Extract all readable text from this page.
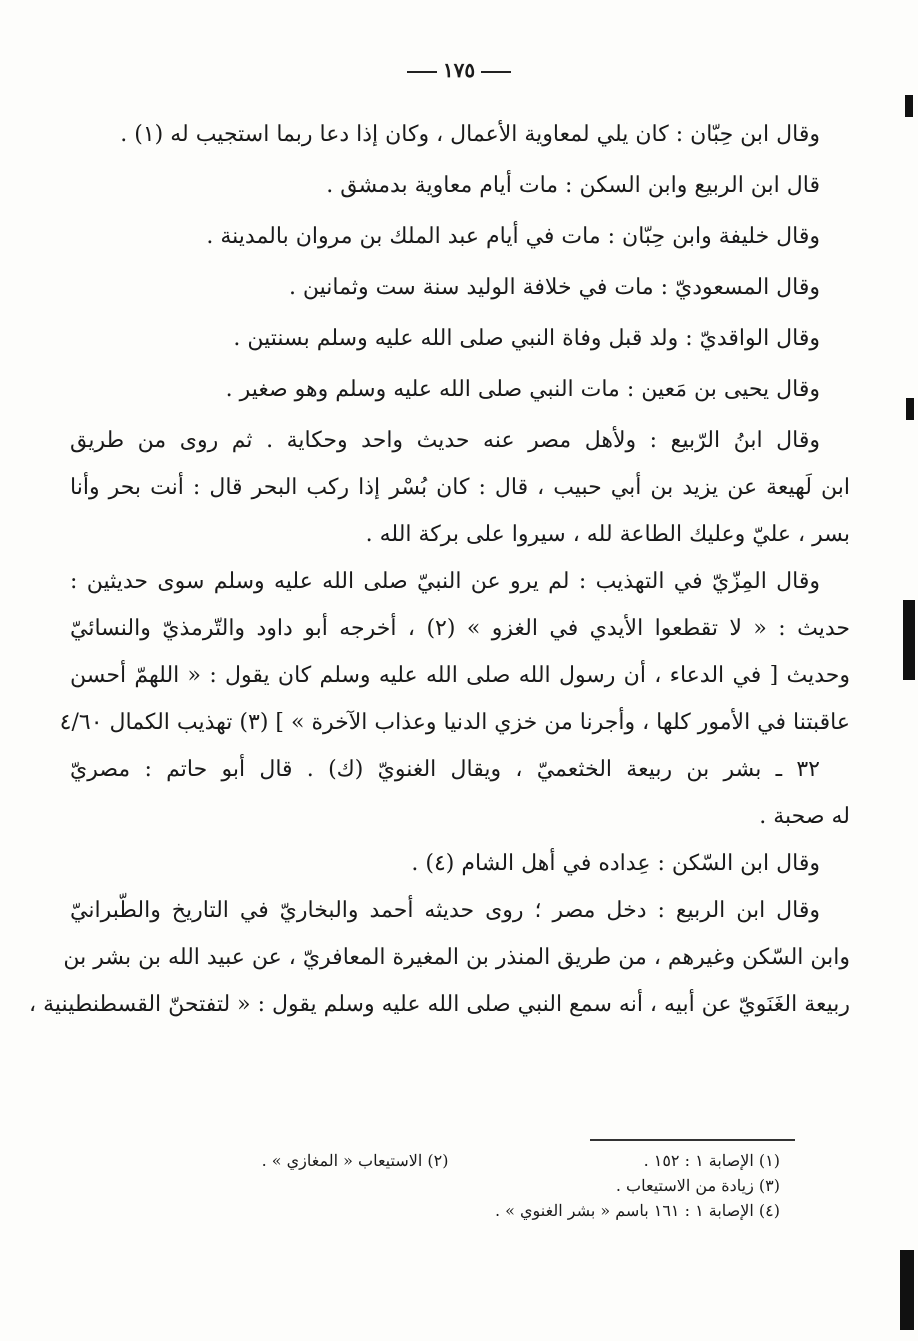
١٧٥
وقال ابن حِبّان : كان يلي لمعاوية الأعمال ، وكان إذا دعا ربما استجيب له (١) .
قال ابن الربيع وابن السكن : مات أيام معاوية بدمشق .
وقال خليفة وابن حِبّان : مات في أيام عبد الملك بن مروان بالمدينة .
وقال المسعوديّ : مات في خلافة الوليد سنة ست وثمانين .
وقال الواقديّ : ولد قبل وفاة النبي صلى الله عليه وسلم بسنتين .
وقال يحيى بن مَعين : مات النبي صلى الله عليه وسلم وهو صغير .
وقال ابنُ الرّبيع : ولأهل مصر عنه حديث واحد وحكاية . ثم روى من طريق
ابن لَهيعة عن يزيد بن أبي حبيب ، قال : كان بُسْر إذا ركب البحر قال : أنت بحر وأنا
بسر ، عليّ وعليك الطاعة لله ، سيروا على بركة الله .
وقال المِزّيّ في التهذيب : لم يرو عن النبيّ صلى الله عليه وسلم سوى حديثين :
حديث : « لا تقطعوا الأيدي في الغزو » (٢) ، أخرجه أبو داود والتّرمذيّ والنسائيّ
وحديث [ في الدعاء ، أن رسول الله صلى الله عليه وسلم كان يقول : « اللهمّ أحسن
عاقبتنا في الأمور كلها ، وأجرنا من خزي الدنيا وعذاب الآخرة » ] (٣) تهذيب الكمال ٤/٦٠
٣٢ ـ بشر بن ربيعة الخثعميّ ، ويقال الغنويّ (ك) . قال أبو حاتم : مصريّ
له صحبة .
وقال ابن السّكن : عِداده في أهل الشام (٤) .
وقال ابن الربيع : دخل مصر ؛ روى حديثه أحمد والبخاريّ في التاريخ والطّبرانيّ
وابن السّكن وغيرهم ، من طريق المنذر بن المغيرة المعافريّ ، عن عبيد الله بن بشر بن
ربيعة الغَنَويّ عن أبيه ، أنه سمع النبي صلى الله عليه وسلم يقول : « لتفتحنّ القسطنطينية ،
(١) الإصابة ١ : ١٥٢ . (٢) الاستيعاب « المغازي » .
(٣) زيادة من الاستيعاب .
(٤) الإصابة ١ : ١٦١ باسم « بشر الغنوي » .
